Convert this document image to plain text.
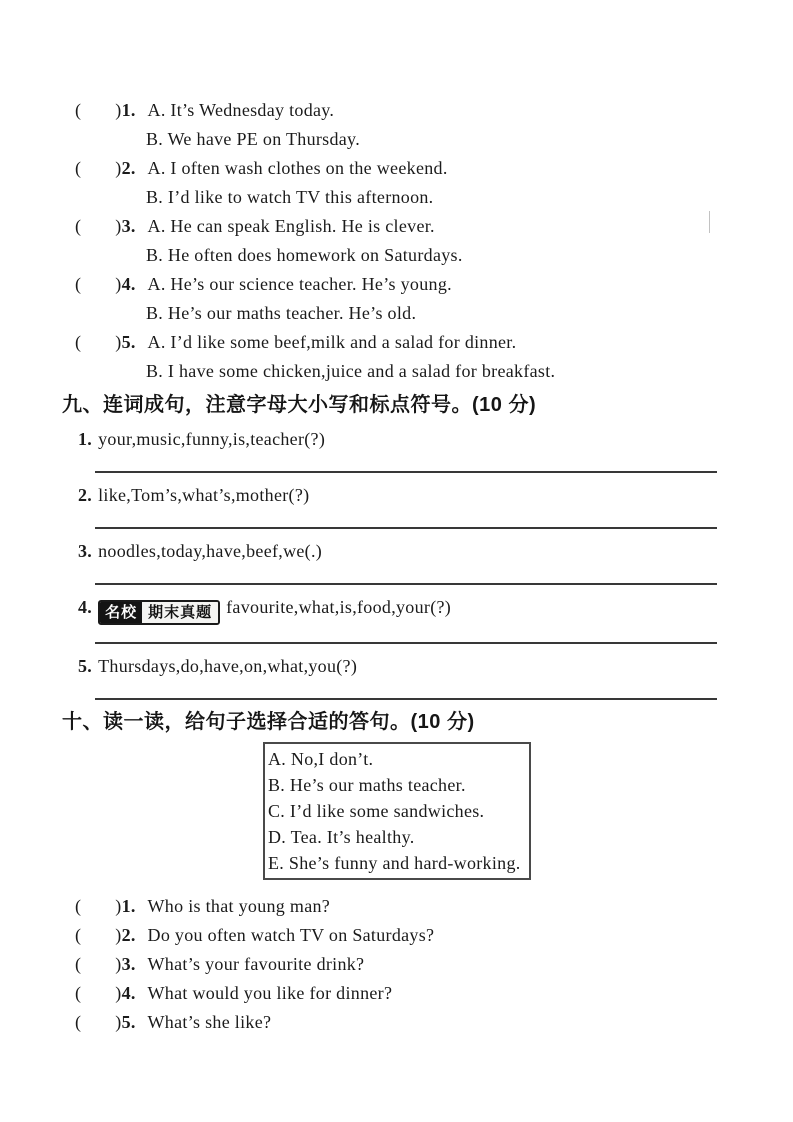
( )1. A. It’s Wednesday today.
B. We have PE on Thursday.
( )2. A. I often wash clothes on the weekend.
B. I’d like to watch TV this afternoon.
( )3. A. He can speak English. He is clever.
B. He often does homework on Saturdays.
( )4. A. He’s our science teacher. He’s young.
B. He’s our maths teacher. He’s old.
( )5. A. I’d like some beef,milk and a salad for dinner.
B. I have some chicken,juice and a salad for breakfast.
九、连词成句，注意字母大小写和标点符号。(10 分)
1. your,music,funny,is,teacher(?)
2. like,Tom’s,what’s,mother(?)
3. noodles,today,have,beef,we(.)
4. 名校 期末真题 favourite,what,is,food,your(?)
5. Thursdays,do,have,on,what,you(?)
十、读一读，给句子选择合适的答句。(10 分)
A. No,I don’t.
B. He’s our maths teacher.
C. I’d like some sandwiches.
D. Tea. It’s healthy.
E. She’s funny and hard-working.
( )1. Who is that young man?
( )2. Do you often watch TV on Saturdays?
( )3. What’s your favourite drink?
( )4. What would you like for dinner?
( )5. What’s she like?
